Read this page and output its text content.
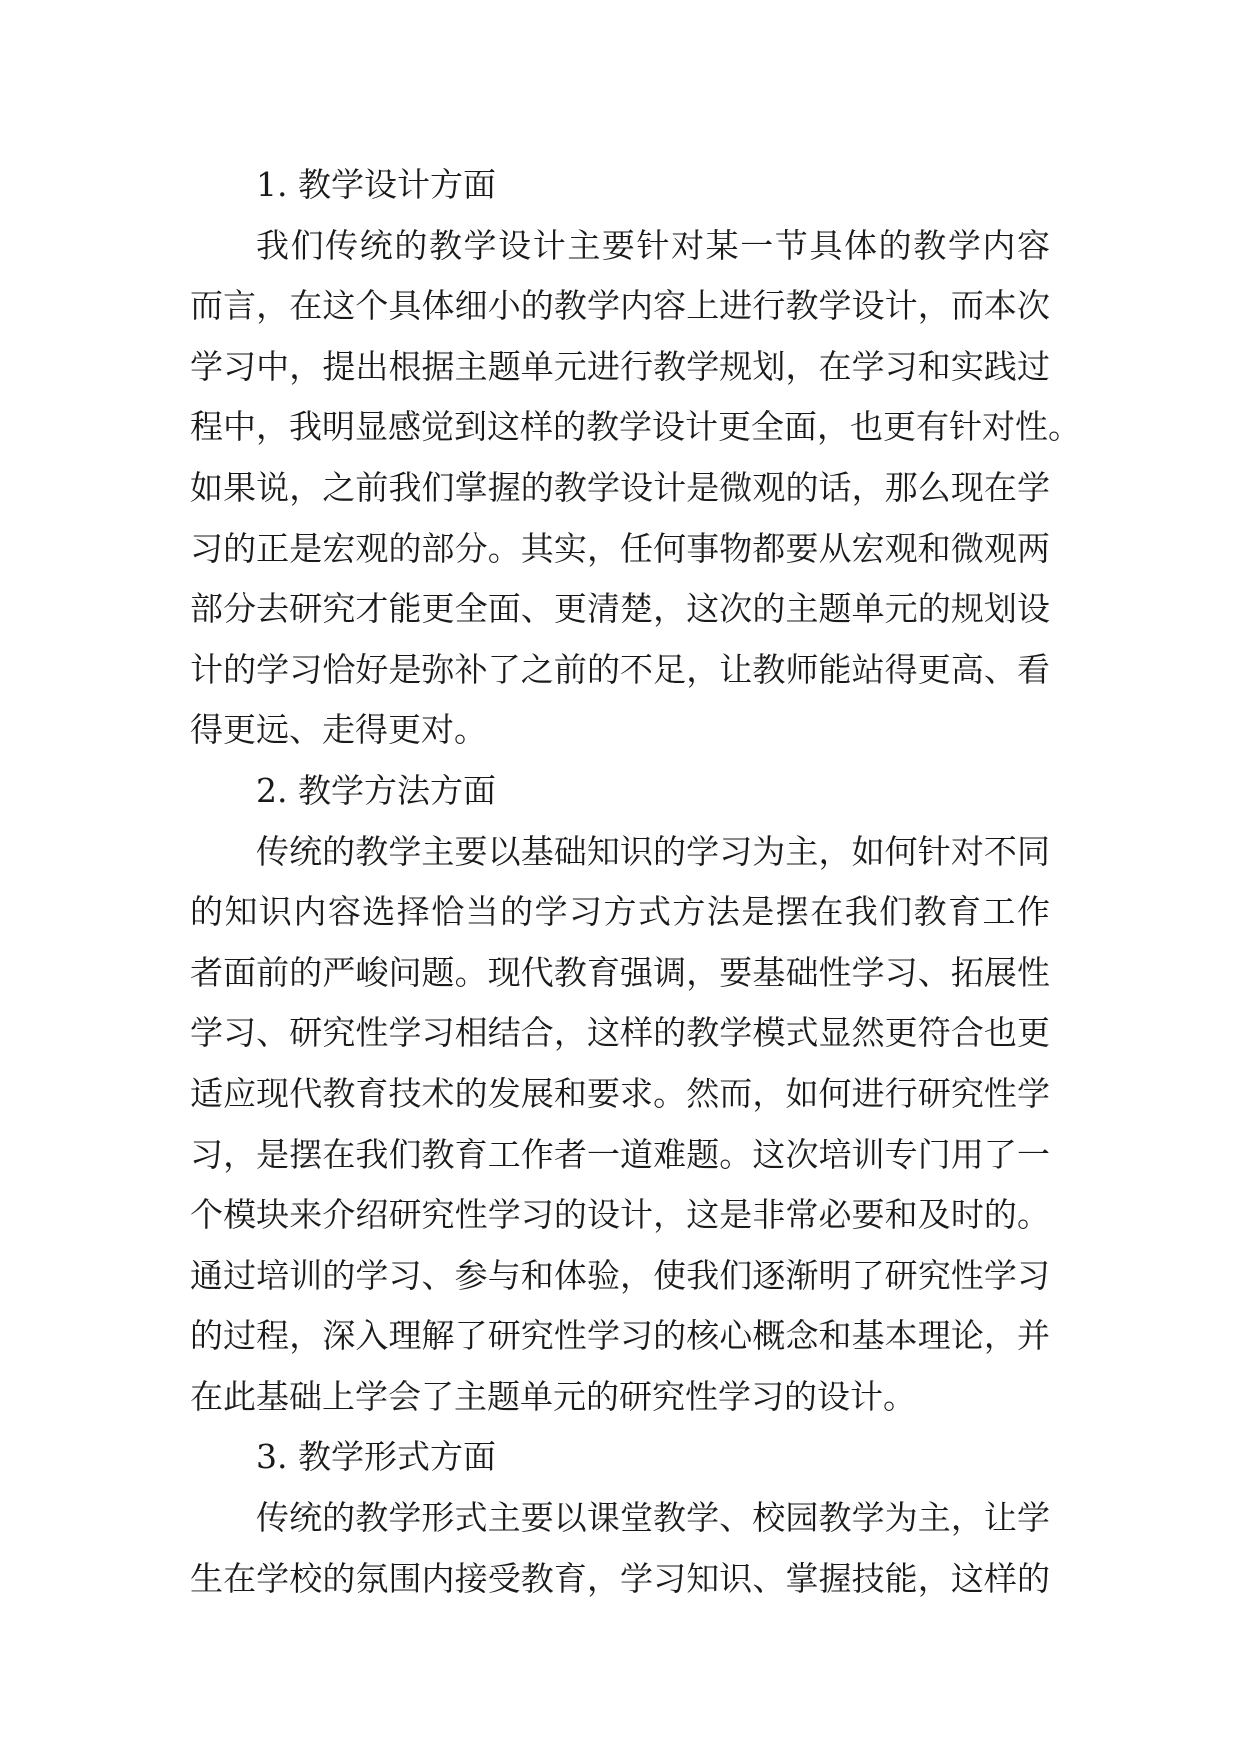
1. 教学设计方面
我们传统的教学设计主要针对某一节具体的教学内容
而言，在这个具体细小的教学内容上进行教学设计，而本次
学习中，提出根据主题单元进行教学规划，在学习和实践过
程中，我明显感觉到这样的教学设计更全面，也更有针对性。
如果说，之前我们掌握的教学设计是微观的话，那么现在学
习的正是宏观的部分。其实，任何事物都要从宏观和微观两
部分去研究才能更全面、更清楚，这次的主题单元的规划设
计的学习恰好是弥补了之前的不足，让教师能站得更高、看
得更远、走得更对。
2. 教学方法方面
传统的教学主要以基础知识的学习为主，如何针对不同
的知识内容选择恰当的学习方式方法是摆在我们教育工作
者面前的严峻问题。现代教育强调，要基础性学习、拓展性
学习、研究性学习相结合，这样的教学模式显然更符合也更
适应现代教育技术的发展和要求。然而，如何进行研究性学
习，是摆在我们教育工作者一道难题。这次培训专门用了一
个模块来介绍研究性学习的设计，这是非常必要和及时的。
通过培训的学习、参与和体验，使我们逐渐明了研究性学习
的过程，深入理解了研究性学习的核心概念和基本理论，并
在此基础上学会了主题单元的研究性学习的设计。
3. 教学形式方面
传统的教学形式主要以课堂教学、校园教学为主，让学
生在学校的氛围内接受教育，学习知识、掌握技能，这样的
